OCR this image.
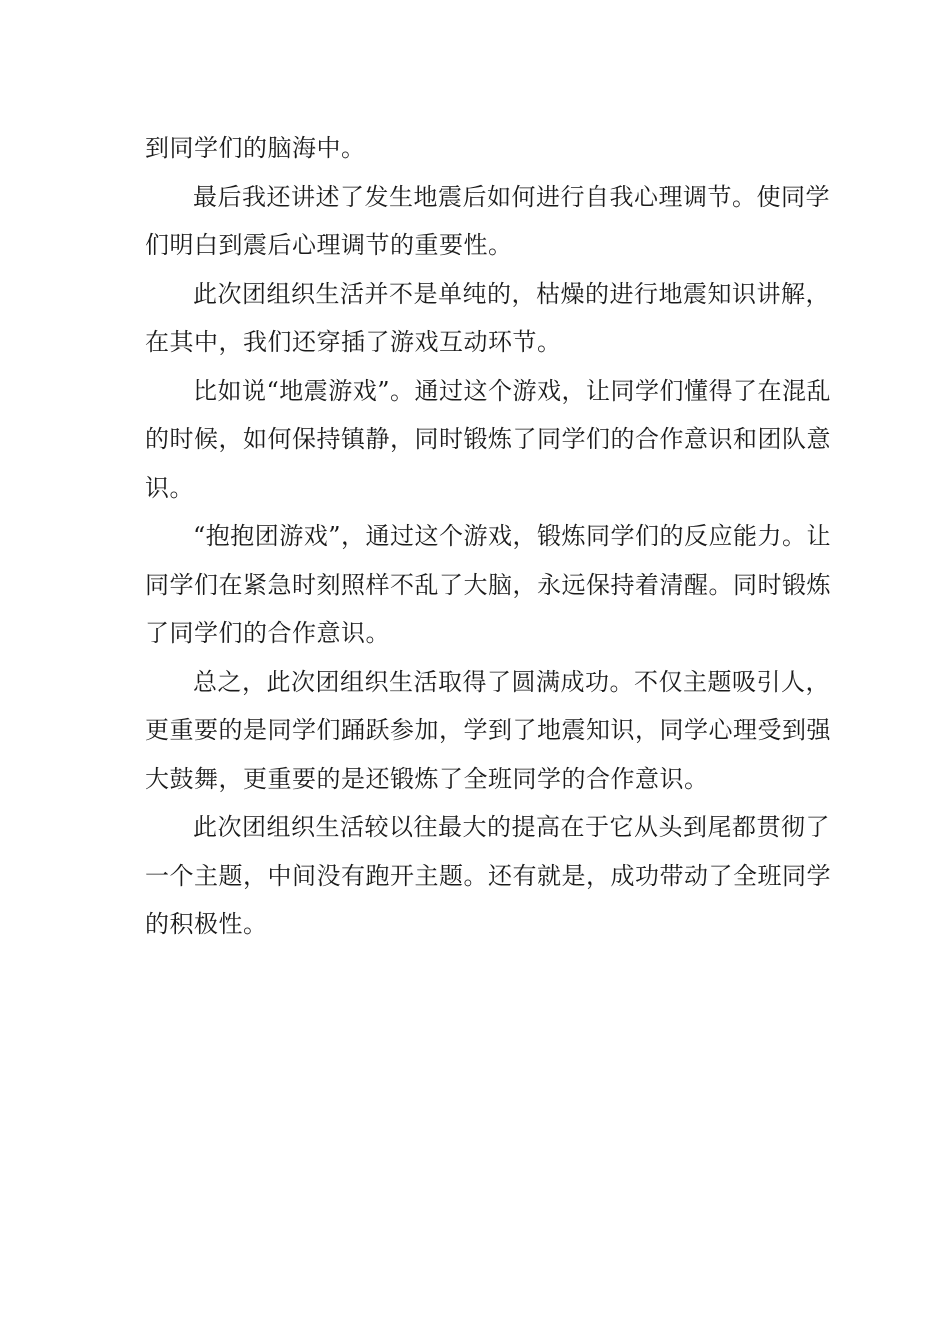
到同学们的脑海中。

最后我还讲述了发生地震后如何进行自我心理调节。使同学们明白到震后心理调节的重要性。

此次团组织生活并不是单纯的，枯燥的进行地震知识讲解，在其中，我们还穿插了游戏互动环节。

比如说“地震游戏”。通过这个游戏，让同学们懂得了在混乱的时候，如何保持镇静，同时锻炼了同学们的合作意识和团队意识。

“抱抱团游戏”，通过这个游戏，锻炼同学们的反应能力。让同学们在紧急时刻照样不乱了大脑，永远保持着清醒。同时锻炼了同学们的合作意识。

总之，此次团组织生活取得了圆满成功。不仅主题吸引人，更重要的是同学们踊跃参加，学到了地震知识，同学心理受到强大鼓舞，更重要的是还锻炼了全班同学的合作意识。

此次团组织生活较以往最大的提高在于它从头到尾都贯彻了一个主题，中间没有跑开主题。还有就是，成功带动了全班同学的积极性。
